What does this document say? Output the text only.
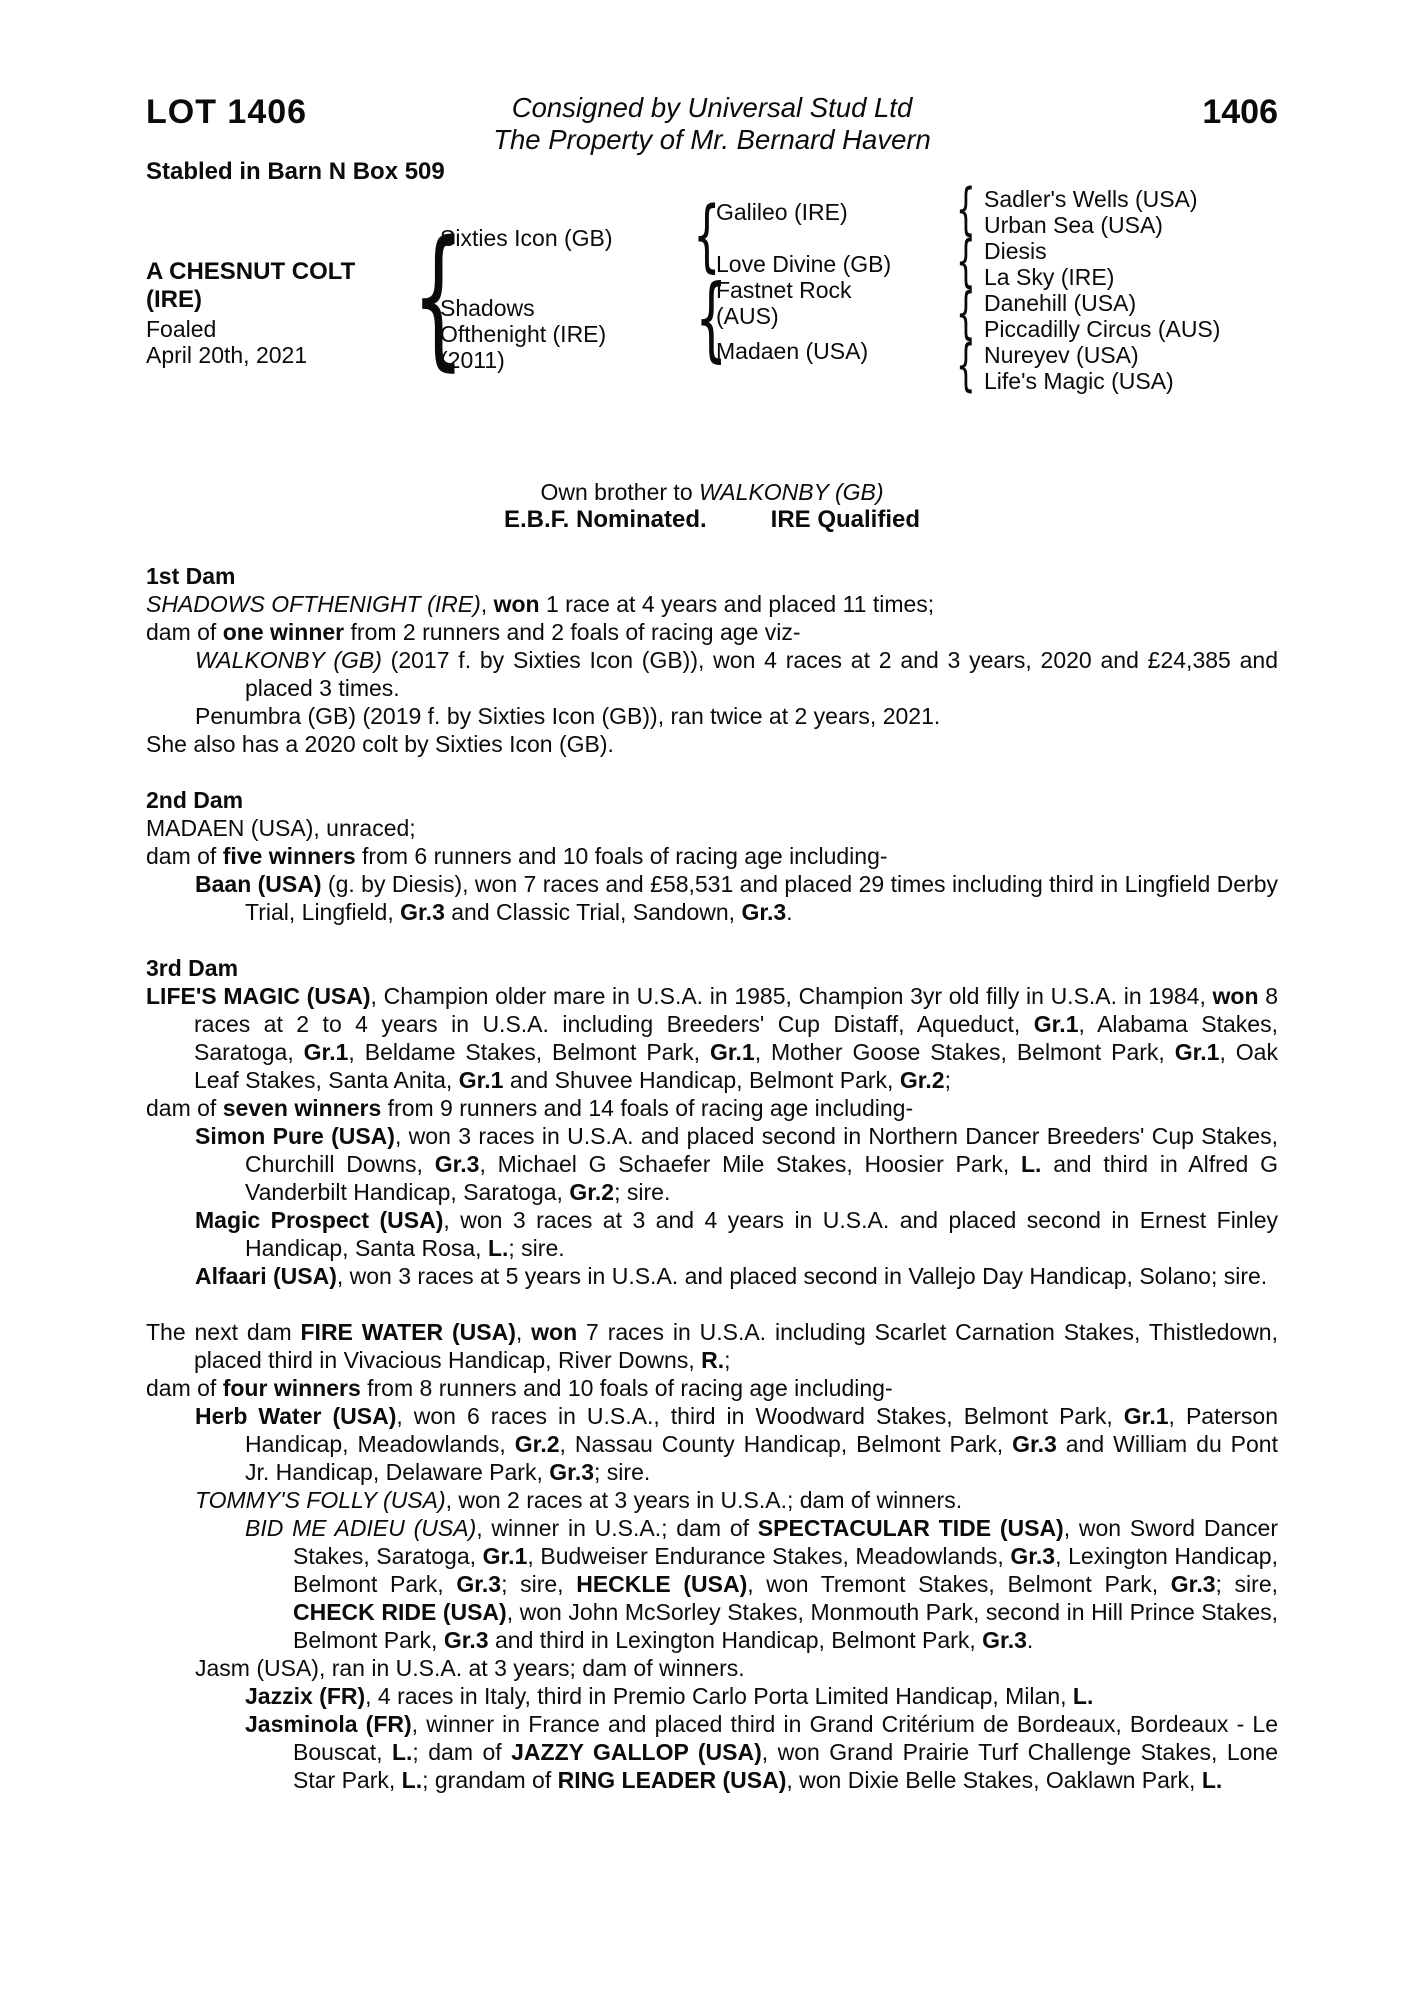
LOT 1406	Consigned by Universal Stud Ltd
The Property of Mr. Bernard Havern
1406
Stabled in Barn N Box 509
A CHESNUT COLT (IRE)
Foaled
April 20th, 2021
{
{
{
{
{
{
{
Sixties Icon (GB)
Shadows Ofthenight (IRE) (2011)
Galileo (IRE)
Love Divine (GB)
Fastnet Rock (AUS)
Madaen (USA)
Sadler's Wells (USA)
Urban Sea (USA)
Diesis
La Sky (IRE)
Danehill (USA)
Piccadilly Circus (AUS)
Nureyev (USA)
Life's Magic (USA)
Own brother to WALKONBY (GB)
E.B.F. Nominated.	IRE Qualified
1st Dam

SHADOWS OFTHENIGHT (IRE), won 1 race at 4 years and placed 11 times;

dam of one winner from 2 runners and 2 foals of racing age viz-

WALKONBY (GB) (2017 f. by Sixties Icon (GB)), won 4 races at 2 and 3 years, 2020 and £24,385 and placed 3 times.

Penumbra (GB) (2019 f. by Sixties Icon (GB)), ran twice at 2 years, 2021.

She also has a 2020 colt by Sixties Icon (GB).

2nd Dam

MADAEN (USA), unraced;

dam of five winners from 6 runners and 10 foals of racing age including-

Baan (USA) (g. by Diesis), won 7 races and £58,531 and placed 29 times including third in Lingfield Derby Trial, Lingfield, Gr.3 and Classic Trial, Sandown, Gr.3.

3rd Dam

LIFE'S MAGIC (USA), Champion older mare in U.S.A. in 1985, Champion 3yr old filly in U.S.A. in 1984, won 8 races at 2 to 4 years in U.S.A. including Breeders' Cup Distaff, Aqueduct, Gr.1, Alabama Stakes, Saratoga, Gr.1, Beldame Stakes, Belmont Park, Gr.1, Mother Goose Stakes, Belmont Park, Gr.1, Oak Leaf Stakes, Santa Anita, Gr.1 and Shuvee Handicap, Belmont Park, Gr.2;

dam of seven winners from 9 runners and 14 foals of racing age including-

Simon Pure (USA), won 3 races in U.S.A. and placed second in Northern Dancer Breeders' Cup Stakes, Churchill Downs, Gr.3, Michael G Schaefer Mile Stakes, Hoosier Park, L. and third in Alfred G Vanderbilt Handicap, Saratoga, Gr.2; sire.

Magic Prospect (USA), won 3 races at 3 and 4 years in U.S.A. and placed second in Ernest Finley Handicap, Santa Rosa, L.; sire.

Alfaari (USA), won 3 races at 5 years in U.S.A. and placed second in Vallejo Day Handicap, Solano; sire.

The next dam FIRE WATER (USA), won 7 races in U.S.A. including Scarlet Carnation Stakes, Thistledown, placed third in Vivacious Handicap, River Downs, R.;

dam of four winners from 8 runners and 10 foals of racing age including-

Herb Water (USA), won 6 races in U.S.A., third in Woodward Stakes, Belmont Park, Gr.1, Paterson Handicap, Meadowlands, Gr.2, Nassau County Handicap, Belmont Park, Gr.3 and William du Pont Jr. Handicap, Delaware Park, Gr.3; sire.

TOMMY'S FOLLY (USA), won 2 races at 3 years in U.S.A.; dam of winners.

BID ME ADIEU (USA), winner in U.S.A.; dam of SPECTACULAR TIDE (USA), won Sword Dancer Stakes, Saratoga, Gr.1, Budweiser Endurance Stakes, Meadowlands, Gr.3, Lexington Handicap, Belmont Park, Gr.3; sire, HECKLE (USA), won Tremont Stakes, Belmont Park, Gr.3; sire, CHECK RIDE (USA), won John McSorley Stakes, Monmouth Park, second in Hill Prince Stakes, Belmont Park, Gr.3 and third in Lexington Handicap, Belmont Park, Gr.3.

Jasm (USA), ran in U.S.A. at 3 years; dam of winners.

Jazzix (FR), 4 races in Italy, third in Premio Carlo Porta Limited Handicap, Milan, L.

Jasminola (FR), winner in France and placed third in Grand Critérium de Bordeaux, Bordeaux - Le Bouscat, L.; dam of JAZZY GALLOP (USA), won Grand Prairie Turf Challenge Stakes, Lone Star Park, L.; grandam of RING LEADER (USA), won Dixie Belle Stakes, Oaklawn Park, L.
